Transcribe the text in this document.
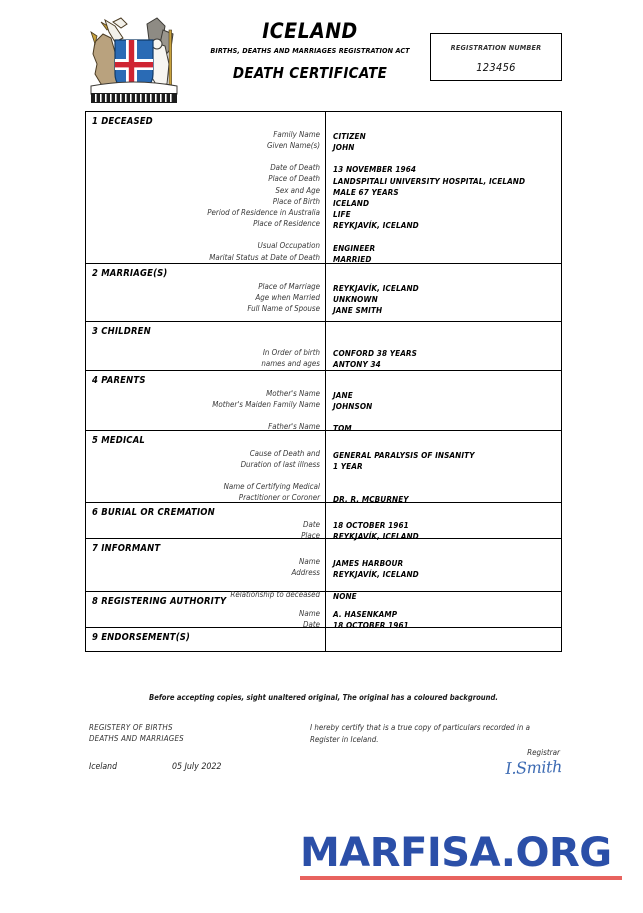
ICELAND
BIRTHS, DEATHS AND MARRIAGES REGISTRATION ACT
DEATH CERTIFICATE
REGISTRATION NUMBER
123456
1 DECEASED
Family Name
Given Name(s)
Date of Death
Place of Death
Sex and Age
Place of Birth
Period of Residence in Australia
Place of Residence
Usual Occupation
Marital Status at Date of Death
CITIZEN
JOHN
13 NOVEMBER 1964
LANDSPITALI UNIVERSITY HOSPITAL, ICELAND
MALE 67 YEARS
ICELAND
LIFE
REYKJAVÍK, ICELAND
ENGINEER
MARRIED
2 MARRIAGE(S)
Place of Marriage
Age when Married
Full Name of Spouse
REYKJAVÍK, ICELAND
UNKNOWN
JANE SMITH
3 CHILDREN
In Order of birth
names and ages
CONFORD 38 YEARS
ANTONY 34
4 PARENTS
Mother's Name
Mother's Maiden Family Name
Father's Name
JANE
JOHNSON
TOM
5 MEDICAL
Cause of Death and
Duration of last illness
Name of Certifying Medical
Practitioner or Coroner
GENERAL PARALYSIS OF INSANITY
1 YEAR
DR. R. MCBURNEY
6 BURIAL OR CREMATION
Date
Place
18 OCTOBER 1961
REYKJAVÍK, ICELAND
7 INFORMANT
Name
Address
Relationship to deceased
JAMES HARBOUR
REYKJAVÍK, ICELAND
NONE
8 REGISTERING AUTHORITY
Name
Date
A. HASENKAMP
18 OCTOBER 1961
9 ENDORSEMENT(S)
Before accepting copies, sight unaltered original, The original has a coloured background.
REGISTERY OF BIRTHS
DEATHS AND MARRIAGES
I hereby certify that is a true copy of particulars recorded in a Register in Iceland.
Iceland	05 July 2022
Registrar
I.Smith
MARFISA.ORG
